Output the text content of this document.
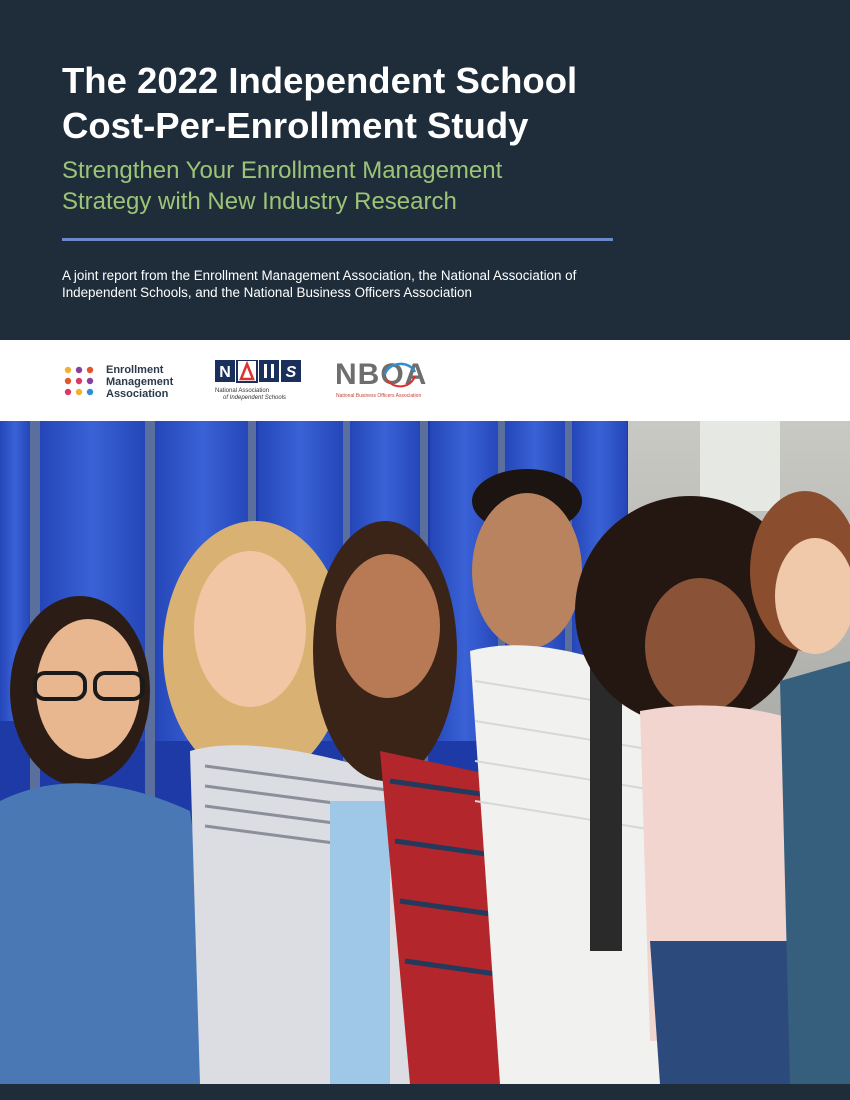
The 2022 Independent School
Cost-Per-Enrollment Study
Strengthen Your Enrollment Management
Strategy with New Industry Research
A joint report from the Enrollment Management Association, the National Association of
Independent Schools, and the National Business Officers Association
Enrollment
Management
Association
N	S
National Association
of Independent Schools
NBOA
National Business Officers Association
